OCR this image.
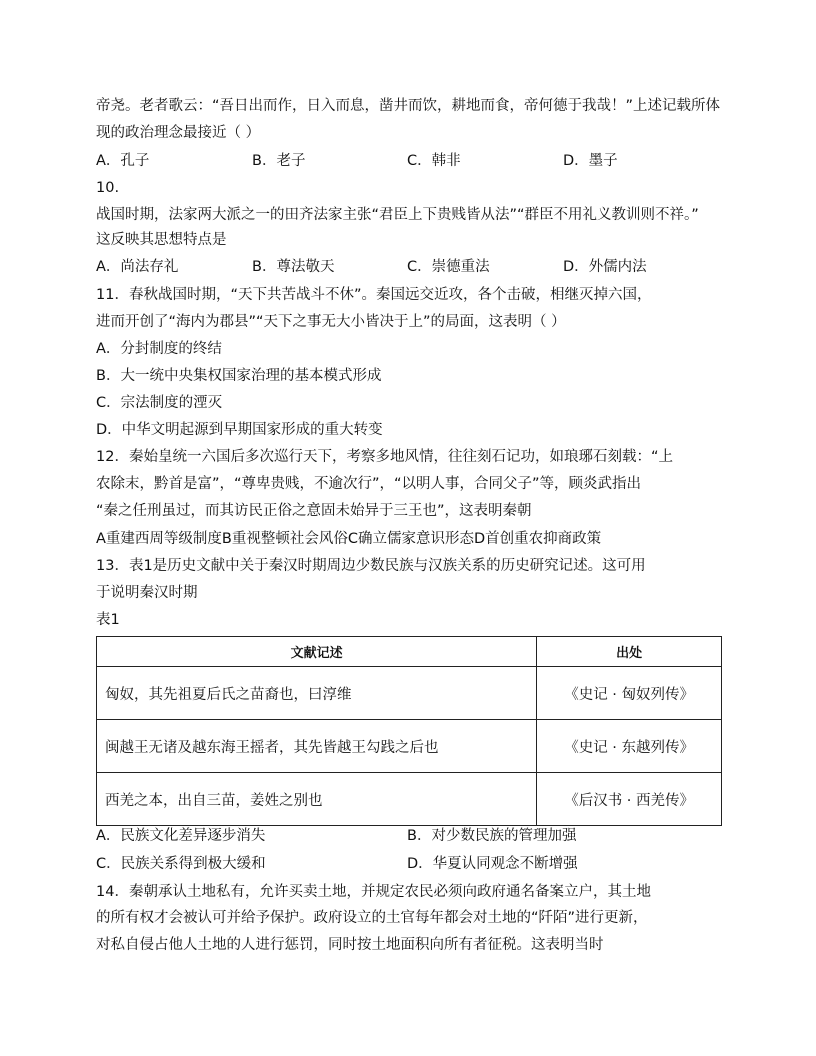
帝尧。老者歌云：“吾日出而作，日入而息，凿井而饮，耕地而食，帝何德于我哉！”上述记载所体
现的政治理念最接近（ ）
A．孔子	B．老子	C．韩非	D．墨子
10.
战国时期，法家两大派之一的田齐法家主张“君臣上下贵贱皆从法”“群臣不用礼义教训则不祥。”
这反映其思想特点是
A．尚法存礼	B．尊法敬天	C．崇德重法	D．外儒内法
11．春秋战国时期，“天下共苦战斗不休”。秦国远交近攻，各个击破，相继灭掉六国，
进而开创了“海内为郡县”“天下之事无大小皆决于上”的局面，这表明（ ）
A．分封制度的终结
B．大一统中央集权国家治理的基本模式形成
C．宗法制度的湮灭
D．中华文明起源到早期国家形成的重大转变
12．秦始皇统一六国后多次巡行天下，考察多地风情，往往刻石记功，如琅琊石刻载：“上
农除末，黔首是富”，“尊卑贵贱，不逾次行”，“以明人事，合同父子”等，顾炎武指出
“秦之任刑虽过，而其访民正俗之意固未始异于三王也”，这表明秦朝
A重建西周等级制度B重视整顿社会风俗C确立儒家意识形态D首创重农抑商政策
13．表1是历史文献中关于秦汉时期周边少数民族与汉族关系的历史研究记述。这可用
于说明秦汉时期
表1
文献记述	出处
匈奴，其先祖夏后氏之苗裔也，曰淳维	《史记 · 匈奴列传》
闽越王无诸及越东海王摇者，其先皆越王勾践之后也	《史记 · 东越列传》
西羌之本，出自三苗，姜姓之别也	《后汉书 · 西羌传》
A．民族文化差异逐步消失	B．对少数民族的管理加强
C．民族关系得到极大缓和	D．华夏认同观念不断增强
14．秦朝承认土地私有，允许买卖土地，并规定农民必须向政府通名备案立户，其土地
的所有权才会被认可并给予保护。政府设立的土官每年都会对土地的“阡陌”进行更新，
对私自侵占他人土地的人进行惩罚，同时按土地面积向所有者征税。这表明当时
